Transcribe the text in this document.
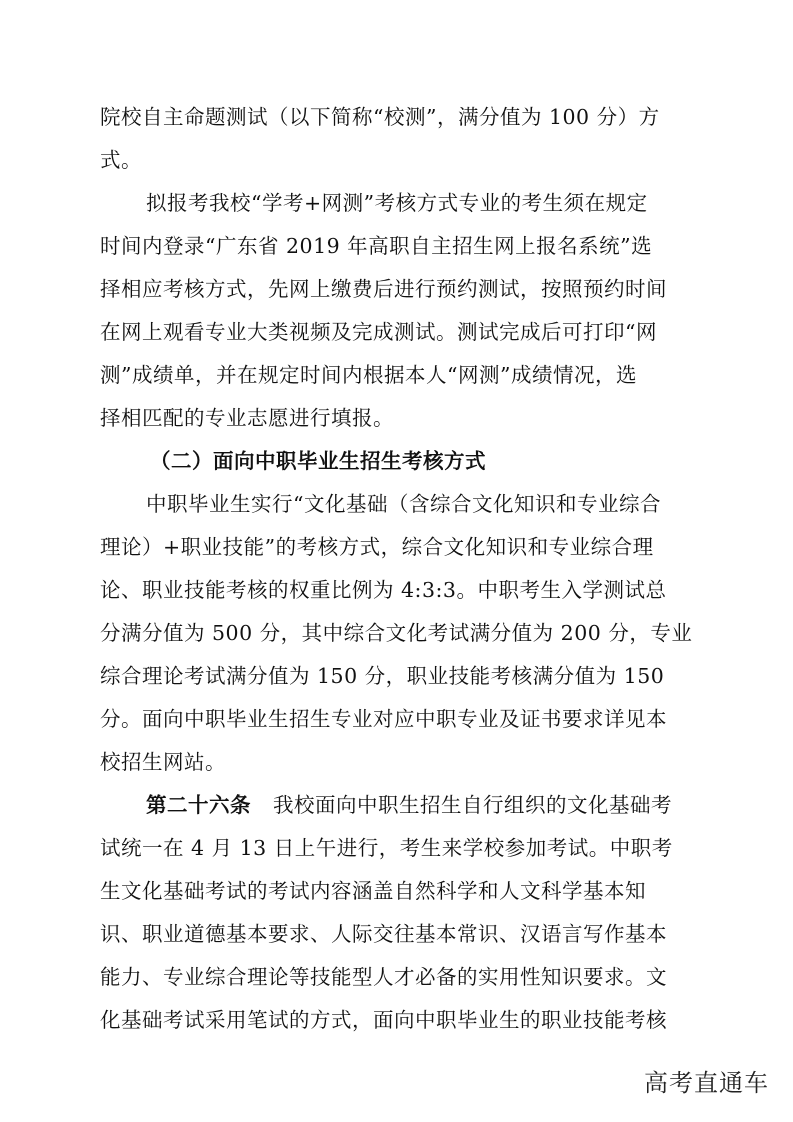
院校自主命题测试（以下简称“校测”，满分值为 100 分）方
式。
拟报考我校“学考+网测”考核方式专业的考生须在规定
时间内登录“广东省 2019 年高职自主招生网上报名系统”选
择相应考核方式，先网上缴费后进行预约测试，按照预约时间
在网上观看专业大类视频及完成测试。测试完成后可打印“网
测”成绩单，并在规定时间内根据本人“网测”成绩情况，选
择相匹配的专业志愿进行填报。
（二）面向中职毕业生招生考核方式
中职毕业生实行“文化基础（含综合文化知识和专业综合
理论）+职业技能”的考核方式，综合文化知识和专业综合理
论、职业技能考核的权重比例为 4:3:3。中职考生入学测试总
分满分值为 500 分，其中综合文化考试满分值为 200 分，专业
综合理论考试满分值为 150 分，职业技能考核满分值为 150
分。面向中职毕业生招生专业对应中职专业及证书要求详见本
校招生网站。
第二十六条 我校面向中职生招生自行组织的文化基础考
试统一在 4 月 13 日上午进行，考生来学校参加考试。中职考
生文化基础考试的考试内容涵盖自然科学和人文科学基本知
识、职业道德基本要求、人际交往基本常识、汉语言写作基本
能力、专业综合理论等技能型人才必备的实用性知识要求。文
化基础考试采用笔试的方式，面向中职毕业生的职业技能考核
高考直通车
